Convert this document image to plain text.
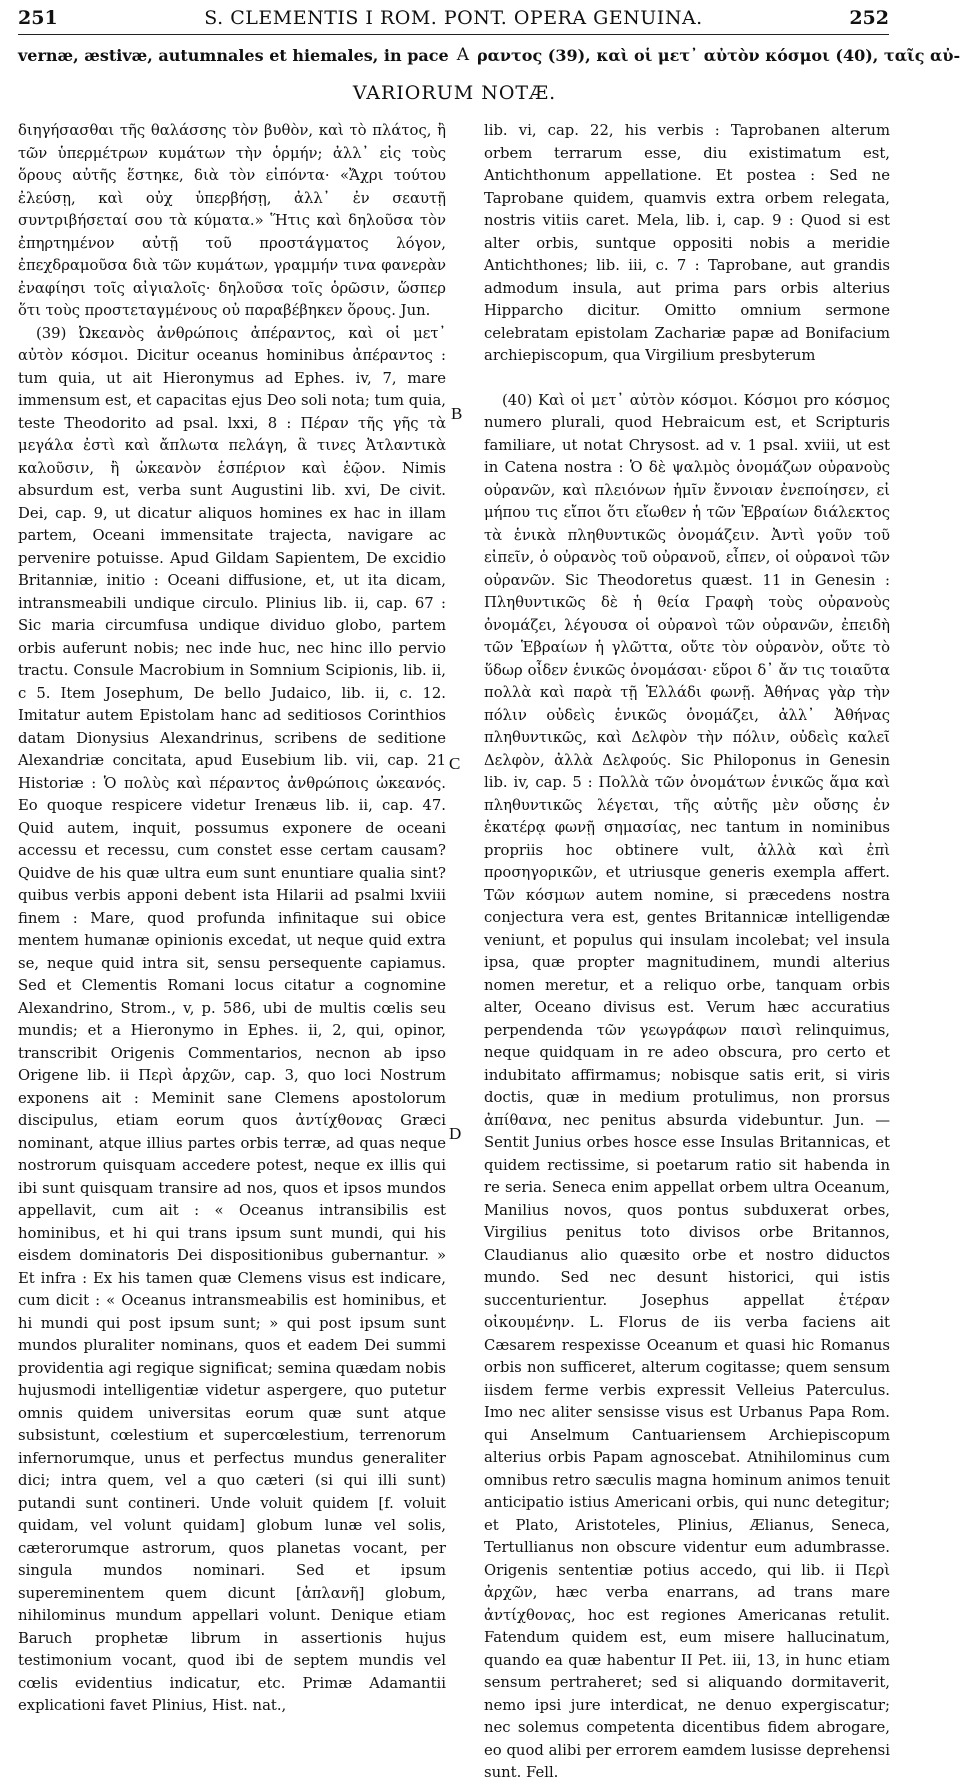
251	S. CLEMENTIS I ROM. PONT. OPERA GENUINA.	252
vernæ, æstivæ, autumnales et hiemales, in pace A ραντος (39), καὶ οἱ μετ᾽ αὐτὸν κόσμοι (40), ταῖς αὐ-
VARIORUM NOTÆ.

διηγήσασθαι τῆς θαλάσσης τὸν βυθὸν, καὶ τὸ πλάτος, ἢ τῶν ὑπερμέτρων κυμάτων τὴν ὁρμήν; ἀλλ᾽ εἰς τοὺς ὅρους αὐτῆς ἕστηκε, διὰ τὸν εἰπόντα· «Ἄχρι τούτου ἐλεύσῃ, καὶ οὐχ ὑπερβήσῃ, ἀλλ᾽ ἐν σεαυτῇ συντριβήσεταί σου τὰ κύματα.» Ἥτις καὶ δηλοῦσα τὸν ἐπηρτημένον αὐτῇ τοῦ προστάγματος λόγον, ἐπεχδραμοῦσα διὰ τῶν κυμάτων, γραμμήν τινα φανερὰν ἐναφίησι τοῖς αἰγιαλοῖς· δηλοῦσα τοῖς ὁρῶσιν, ὥσπερ ὅτι τοὺς προστεταγμένους οὐ παραβέβηκεν ὅρους. Jun.

(39) Ὠκεανὸς ἀνθρώποις ἀπέραντος, καὶ οἱ μετ᾽ αὐτὸν κόσμοι. Dicitur oceanus hominibus ἀπέραντος : tum quia, ut ait Hieronymus ad Ephes. iv, 7, mare immensum est, et capacitas ejus Deo soli nota; tum quia, teste Theodorito ad psal. lxxi, 8 : Πέραν τῆς γῆς τὰ μεγάλα ἐστὶ καὶ ἄπλωτα πελάγη, ἃ τινες Ἀτλαντικὰ καλοῦσιν, ἢ ὠκεανὸν ἑσπέριον καὶ ἑῷον. Nimis absurdum est, verba sunt Augustini lib. xvi, De civit. Dei, cap. 9, ut dicatur aliquos homines ex hac in illam partem, Oceani immensitate trajecta, navigare ac pervenire potuisse. Apud Gildam Sapientem, De excidio Britanniæ, initio : Oceani diffusione, et, ut ita dicam, intransmeabili undique circulo. Plinius lib. ii, cap. 67 : Sic maria circumfusa undique dividuo globo, partem orbis auferunt nobis; nec inde huc, nec hinc illo pervio tractu. Consule Macrobium in Somnium Scipionis, lib. ii, c 5. Item Josephum, De bello Judaico, lib. ii, c. 12. Imitatur autem Epistolam hanc ad seditiosos Corinthios datam Dionysius Alexandrinus, scribens de seditione Alexandriæ concitata, apud Eusebium lib. vii, cap. 21 Historiæ : Ὁ πολὺς καὶ πέραντος ἀνθρώποις ὠκεανός. Eo quoque respicere videtur Irenæus lib. ii, cap. 47. Quid autem, inquit, possumus exponere de oceani accessu et recessu, cum constet esse certam causam? Quidve de his quæ ultra eum sunt enuntiare qualia sint? quibus verbis apponi debent ista Hilarii ad psalmi lxviii finem : Mare, quod profunda infinitaque sui obice mentem humanæ opinionis excedat, ut neque quid extra se, neque quid intra sit, sensu persequente capiamus. Sed et Clementis Romani locus citatur a cognomine Alexandrino, Strom., v, p. 586, ubi de multis cœlis seu mundis; et a Hieronymo in Ephes. ii, 2, qui, opinor, transcribit Origenis Commentarios, necnon ab ipso Origene lib. ii Περὶ ἀρχῶν, cap. 3, quo loci Nostrum exponens ait : Meminit sane Clemens apostolorum discipulus, etiam eorum quos ἀντίχθονας Græci nominant, atque illius partes orbis terræ, ad quas neque nostrorum quisquam accedere potest, neque ex illis qui ibi sunt quisquam transire ad nos, quos et ipsos mundos appellavit, cum ait : « Oceanus intransibilis est hominibus, et hi qui trans ipsum sunt mundi, qui his eisdem dominatoris Dei dispositionibus gubernantur. » Et infra : Ex his tamen quæ Clemens visus est indicare, cum dicit : « Oceanus intransmeabilis est hominibus, et hi mundi qui post ipsum sunt; » qui post ipsum sunt mundos pluraliter nominans, quos et eadem Dei summi providentia agi regique significat; semina quædam nobis hujusmodi intelligentiæ videtur aspergere, quo putetur omnis quidem universitas eorum quæ sunt atque subsistunt, cœlestium et supercœlestium, terrenorum infernorumque, unus et perfectus mundus generaliter dici; intra quem, vel a quo cæteri (si qui illi sunt) putandi sunt contineri. Unde voluit quidem [f. voluit quidam, vel volunt quidam] globum lunæ vel solis, cæterorumque astrorum, quos planetas vocant, per singula mundos nominari. Sed et ipsum supereminentem quem dicunt [ἀπλανῆ] globum, nihilominus mundum appellari volunt. Denique etiam Baruch prophetæ librum in assertionis hujus testimonium vocant, quod ibi de septem mundis vel cœlis evidentius indicatur, etc. Primæ Adamantii explicationi favet Plinius, Hist. nat.,

B
C
D

lib. vi, cap. 22, his verbis : Taprobanen alterum orbem terrarum esse, diu existimatum est, Antichthonum appellatione. Et postea : Sed ne Taprobane quidem, quamvis extra orbem relegata, nostris vitiis caret. Mela, lib. i, cap. 9 : Quod si est alter orbis, suntque oppositi nobis a meridie Antichthones; lib. iii, c. 7 : Taprobane, aut grandis admodum insula, aut prima pars orbis alterius Hipparcho dicitur. Omitto omnium sermone celebratam epistolam Zachariæ papæ ad Bonifacium archiepiscopum, qua Virgilium presbyterum

(40) Καὶ οἱ μετ᾽ αὐτὸν κόσμοι. Κόσμοι pro κόσμος numero plurali, quod Hebraicum est, et Scripturis familiare, ut notat Chrysost. ad v. 1 psal. xviii, ut est in Catena nostra : Ὁ δὲ ψαλμὸς ὀνομάζων οὐρανοὺς οὐρανῶν, καὶ πλειόνων ἡμῖν ἔννοιαν ἐνεποίησεν, εἰ μήπου τις εἴποι ὅτι εἴωθεν ἡ τῶν Ἑβραίων διάλεκτος τὰ ἑνικὰ πληθυντικῶς ὀνομάζειν. Ἀντὶ γοῦν τοῦ εἰπεῖν, ὁ οὐρανὸς τοῦ οὐρανοῦ, εἶπεν, οἱ οὐρανοὶ τῶν οὐρανῶν. Sic Theodoretus quæst. 11 in Genesin : Πληθυντικῶς δὲ ἡ θεία Γραφὴ τοὺς οὐρανοὺς ὀνομάζει, λέγουσα οἱ οὐρανοὶ τῶν οὐρανῶν, ἐπειδὴ τῶν Ἑβραίων ἡ γλῶττα, οὔτε τὸν οὐρανὸν, οὔτε τὸ ὕδωρ οἶδεν ἑνικῶς ὀνομάσαι· εὕροι δ᾽ ἄν τις τοιαῦτα πολλὰ καὶ παρὰ τῇ Ἑλλάδι φωνῇ. Ἀθήνας γὰρ τὴν πόλιν οὐδεὶς ἑνικῶς ὀνομάζει, ἀλλ᾽ Ἀθήνας πληθυντικῶς, καὶ Δελφὸν τὴν πόλιν, οὐδεὶς καλεῖ Δελφὸν, ἀλλὰ Δελφούς. Sic Philoponus in Genesin lib. iv, cap. 5 : Πολλὰ τῶν ὀνομάτων ἑνικῶς ἅμα καὶ πληθυντικῶς λέγεται, τῆς αὐτῆς μὲν οὔσης ἐν ἑκατέρᾳ φωνῇ σημασίας, nec tantum in nominibus propriis hoc obtinere vult, ἀλλὰ καὶ ἐπὶ προσηγορικῶν, et utriusque generis exempla affert. Τῶν κόσμων autem nomine, si præcedens nostra conjectura vera est, gentes Britannicæ intelligendæ veniunt, et populus qui insulam incolebat; vel insula ipsa, quæ propter magnitudinem, mundi alterius nomen meretur, et a reliquo orbe, tanquam orbis alter, Oceano divisus est. Verum hæc accuratius perpendenda τῶν γεωγράφων παισὶ relinquimus, neque quidquam in re adeo obscura, pro certo et indubitato affirmamus; nobisque satis erit, si viris doctis, quæ in medium protulimus, non prorsus ἀπίθανα, nec penitus absurda videbuntur. Jun. — Sentit Junius orbes hosce esse Insulas Britannicas, et quidem rectissime, si poetarum ratio sit habenda in re seria. Seneca enim appellat orbem ultra Oceanum, Manilius novos, quos pontus subduxerat orbes, Virgilius penitus toto divisos orbe Britannos, Claudianus alio quæsito orbe et nostro diductos mundo. Sed nec desunt historici, qui istis succenturientur. Josephus appellat ἑτέραν οἰκουμένην. L. Florus de iis verba faciens ait Cæsarem respexisse Oceanum et quasi hic Romanus orbis non sufficeret, alterum cogitasse; quem sensum iisdem ferme verbis expressit Velleius Paterculus. Imo nec aliter sensisse visus est Urbanus Papa Rom. qui Anselmum Cantuariensem Archiepiscopum alterius orbis Papam agnoscebat. Atnihilominus cum omnibus retro sæculis magna hominum animos tenuit anticipatio istius Americani orbis, qui nunc detegitur; et Plato, Aristoteles, Plinius, Ælianus, Seneca, Tertullianus non obscure videntur eum adumbrasse. Origenis sententiæ potius accedo, qui lib. ii Περὶ ἀρχῶν, hæc verba enarrans, ad trans mare ἀντίχθονας, hoc est regiones Americanas retulit. Fatendum quidem est, eum misere hallucinatum, quando ea quæ habentur II Pet. iii, 13, in hunc etiam sensum pertraheret; sed si aliquando dormitaverit, nemo ipsi jure interdicat, ne denuo expergiscatur; nec solemus competenta dicentibus fidem abrogare, eo quod alibi per errorem eamdem lusisse deprehensi sunt. Fell.
